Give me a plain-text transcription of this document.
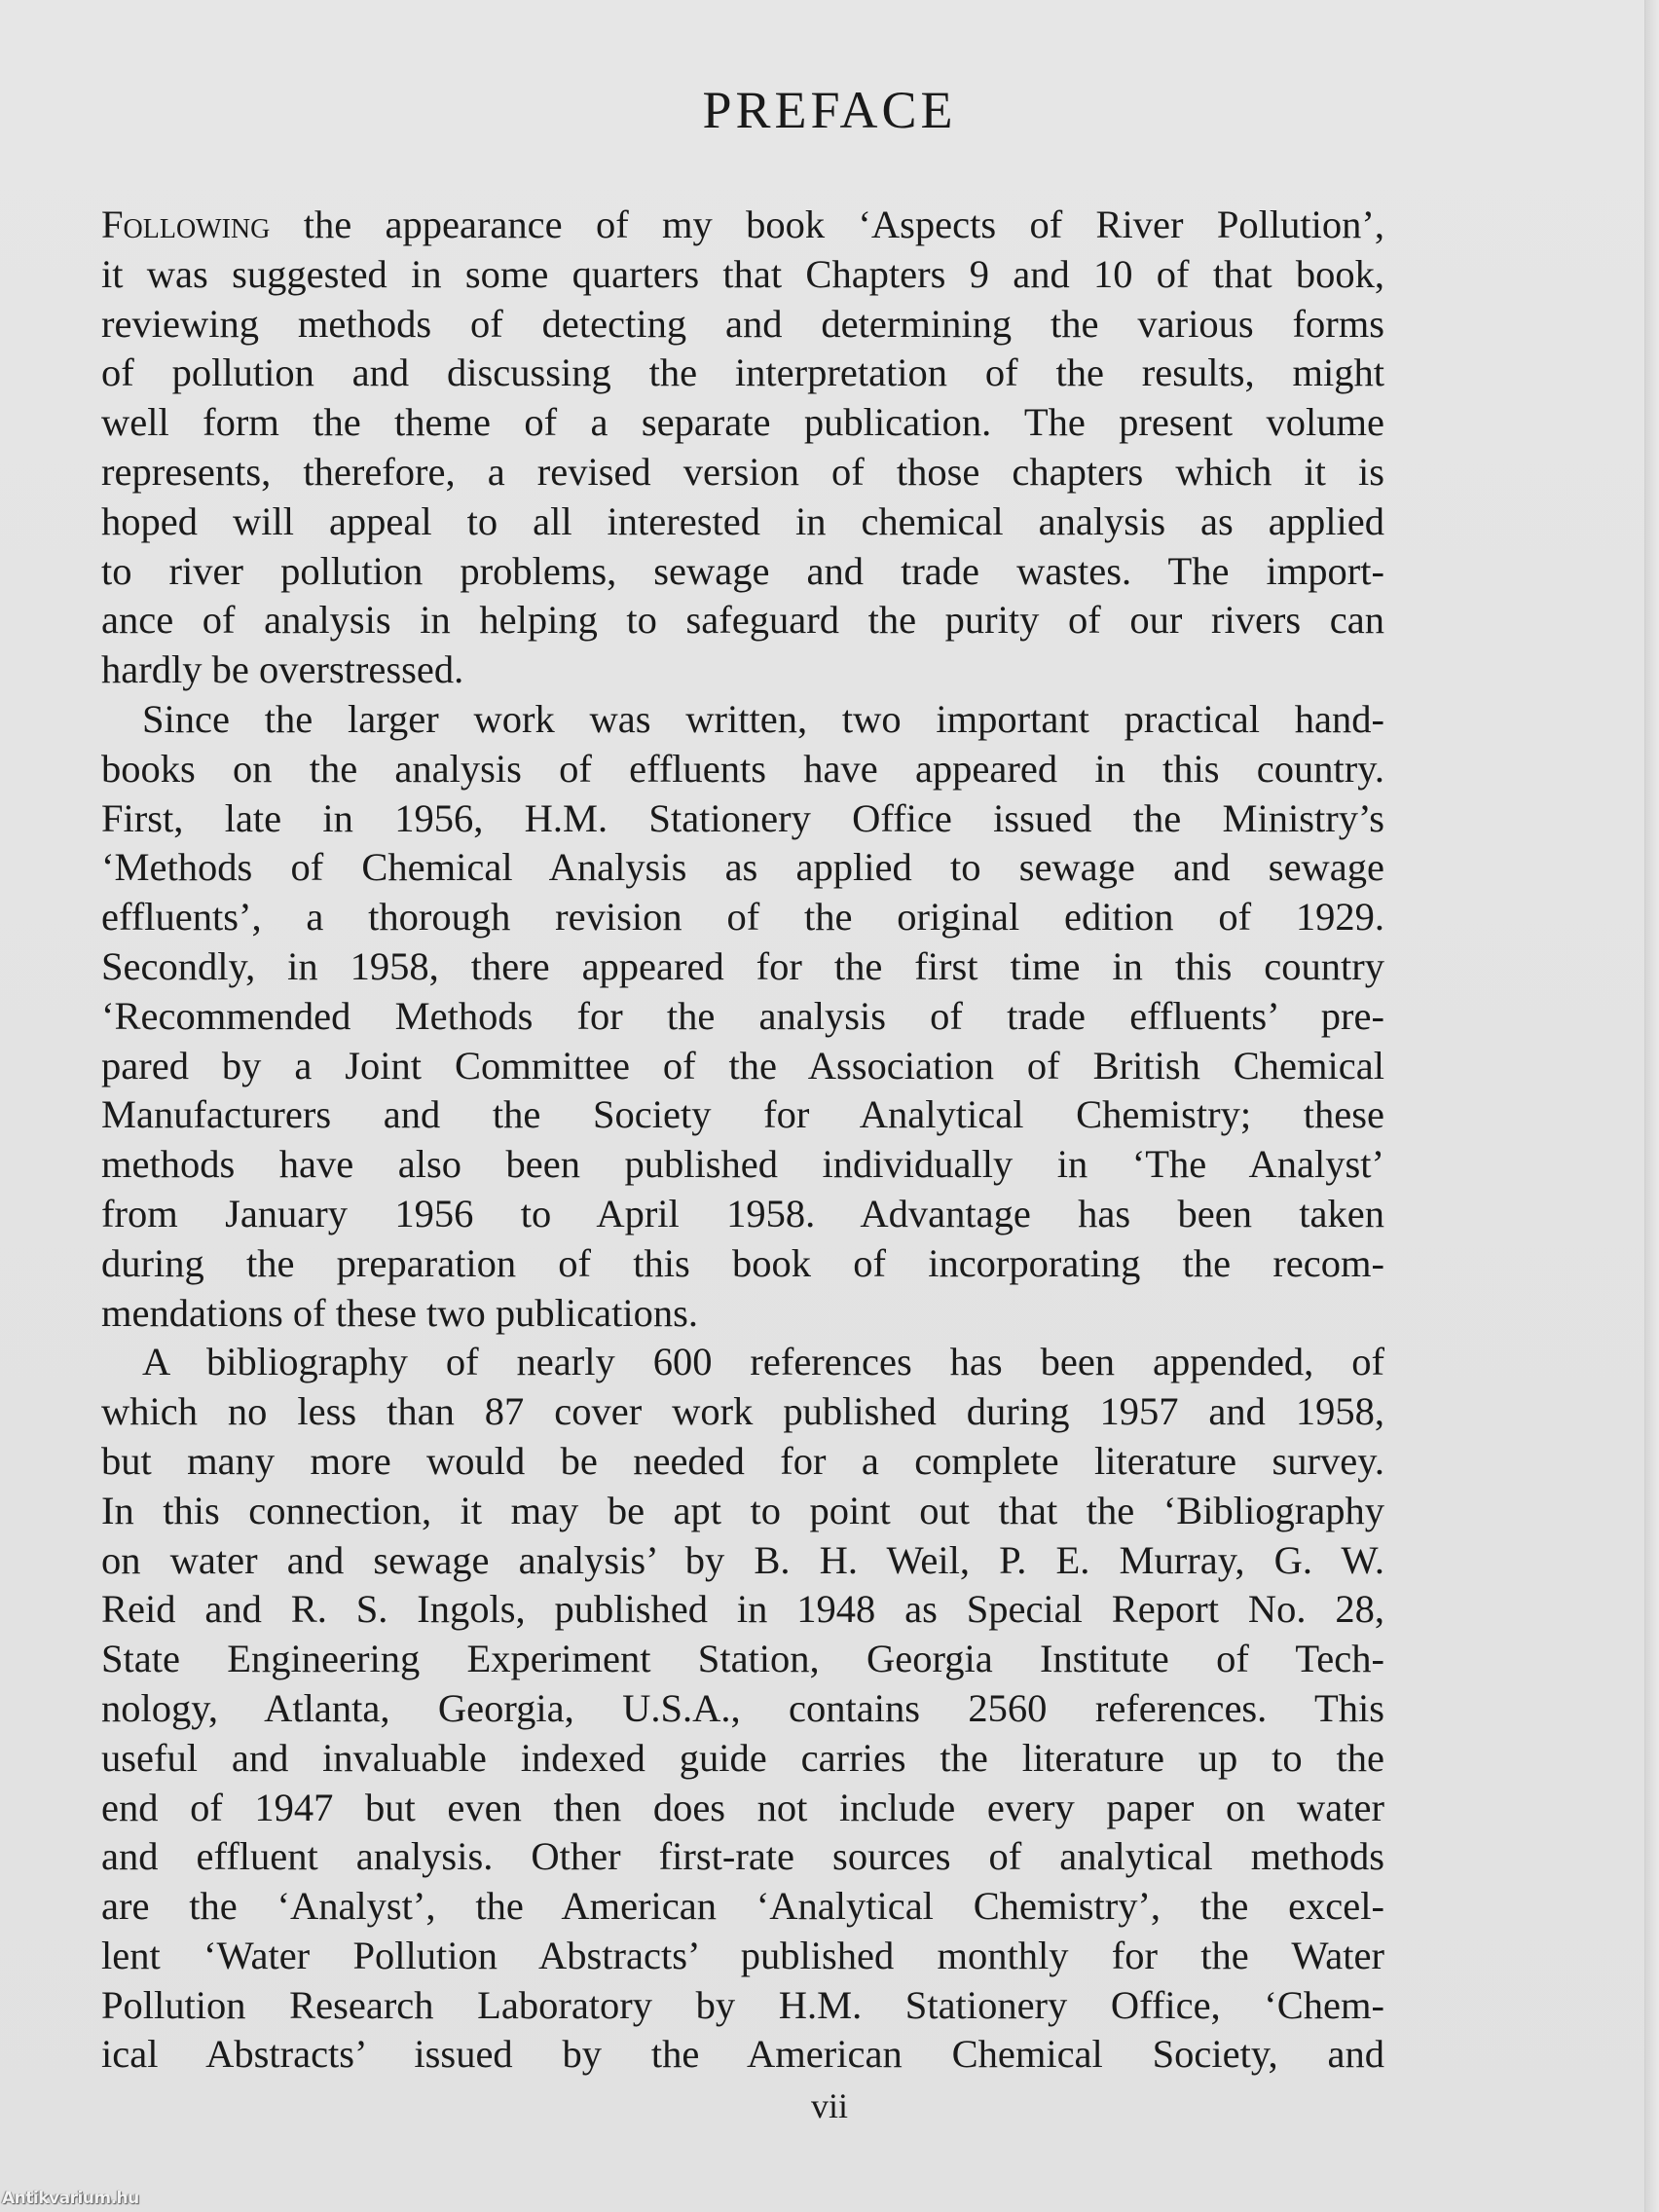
PREFACE
Following the appearance of my book ‘Aspects of River Pollution’,
it was suggested in some quarters that Chapters 9 and 10 of that book,
reviewing methods of detecting and determining the various forms
of pollution and discussing the interpretation of the results, might
well form the theme of a separate publication. The present volume
represents, therefore, a revised version of those chapters which it is
hoped will appeal to all interested in chemical analysis as applied
to river pollution problems, sewage and trade wastes. The import-
ance of analysis in helping to safeguard the purity of our rivers can
hardly be overstressed.
Since the larger work was written, two important practical hand-
books on the analysis of effluents have appeared in this country.
First, late in 1956, H.M. Stationery Office issued the Ministry’s
‘Methods of Chemical Analysis as applied to sewage and sewage
effluents’, a thorough revision of the original edition of 1929.
Secondly, in 1958, there appeared for the first time in this country
‘Recommended Methods for the analysis of trade effluents’ pre-
pared by a Joint Committee of the Association of British Chemical
Manufacturers and the Society for Analytical Chemistry; these
methods have also been published individually in ‘The Analyst’
from January 1956 to April 1958. Advantage has been taken
during the preparation of this book of incorporating the recom-
mendations of these two publications.
A bibliography of nearly 600 references has been appended, of
which no less than 87 cover work published during 1957 and 1958,
but many more would be needed for a complete literature survey.
In this connection, it may be apt to point out that the ‘Bibliography
on water and sewage analysis’ by B. H. Weil, P. E. Murray, G. W.
Reid and R. S. Ingols, published in 1948 as Special Report No. 28,
State Engineering Experiment Station, Georgia Institute of Tech-
nology, Atlanta, Georgia, U.S.A., contains 2560 references. This
useful and invaluable indexed guide carries the literature up to the
end of 1947 but even then does not include every paper on water
and effluent analysis. Other first-rate sources of analytical methods
are the ‘Analyst’, the American ‘Analytical Chemistry’, the excel-
lent ‘Water Pollution Abstracts’ published monthly for the Water
Pollution Research Laboratory by H.M. Stationery Office, ‘Chem-
ical Abstracts’ issued by the American Chemical Society, and
vii
Antikvarium.hu
